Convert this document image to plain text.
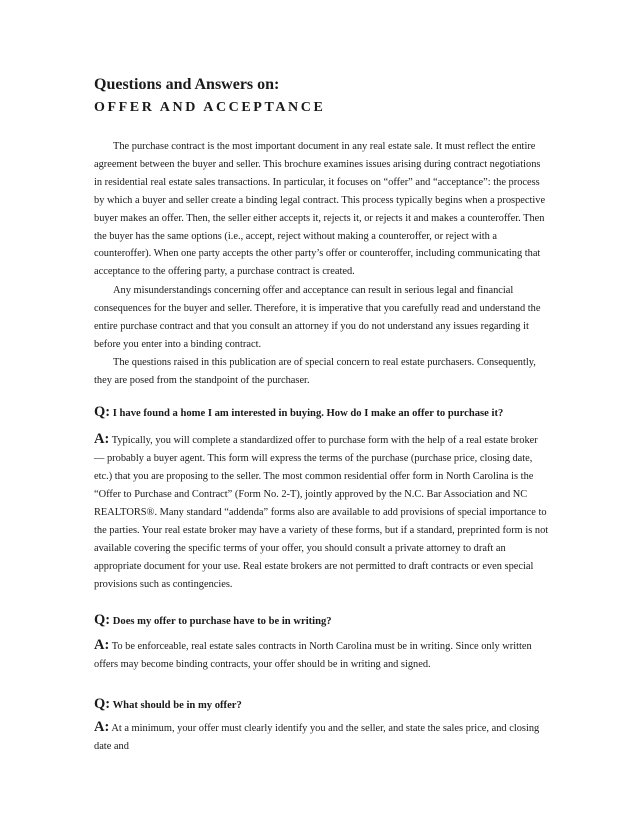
Questions and Answers on:
OFFER AND ACCEPTANCE

The purchase contract is the most important document in any real estate sale. It must reflect the entire agreement between the buyer and seller. This brochure examines issues arising during contract negotiations in residential real estate sales transactions. In particular, it focuses on “offer” and “acceptance”: the process by which a buyer and seller create a binding legal contract. This process typically begins when a prospective buyer makes an offer. Then, the seller either accepts it, rejects it, or rejects it and makes a counteroffer. Then the buyer has the same options (i.e., accept, reject without making a counteroffer, or reject with a counteroffer). When one party accepts the other party’s offer or counteroffer, including communicating that acceptance to the offering party, a purchase contract is created.

Any misunderstandings concerning offer and acceptance can result in serious legal and financial consequences for the buyer and seller. Therefore, it is imperative that you carefully read and understand the entire purchase contract and that you consult an attorney if you do not understand any issues regarding it before you enter into a binding contract.

The questions raised in this publication are of special concern to real estate purchasers. Consequently, they are posed from the standpoint of the purchaser.

Q: I have found a home I am interested in buying. How do I make an offer to purchase it?

A: Typically, you will complete a standardized offer to purchase form with the help of a real estate broker — probably a buyer agent. This form will express the terms of the purchase (purchase price, closing date, etc.) that you are proposing to the seller. The most common residential offer form in North Carolina is the “Offer to Purchase and Contract” (Form No. 2-T), jointly approved by the N.C. Bar Association and NC REALTORS®. Many standard “addenda” forms also are available to add provisions of special importance to the parties. Your real estate broker may have a variety of these forms, but if a standard, preprinted form is not available covering the specific terms of your offer, you should consult a private attorney to draft an appropriate document for your use. Real estate brokers are not permitted to draft contracts or even special provisions such as contingencies.

Q: Does my offer to purchase have to be in writing?

A: To be enforceable, real estate sales contracts in North Carolina must be in writing. Since only written offers may become binding contracts, your offer should be in writing and signed.

Q: What should be in my offer?

A: At a minimum, your offer must clearly identify you and the seller, and state the sales price, and closing date and
